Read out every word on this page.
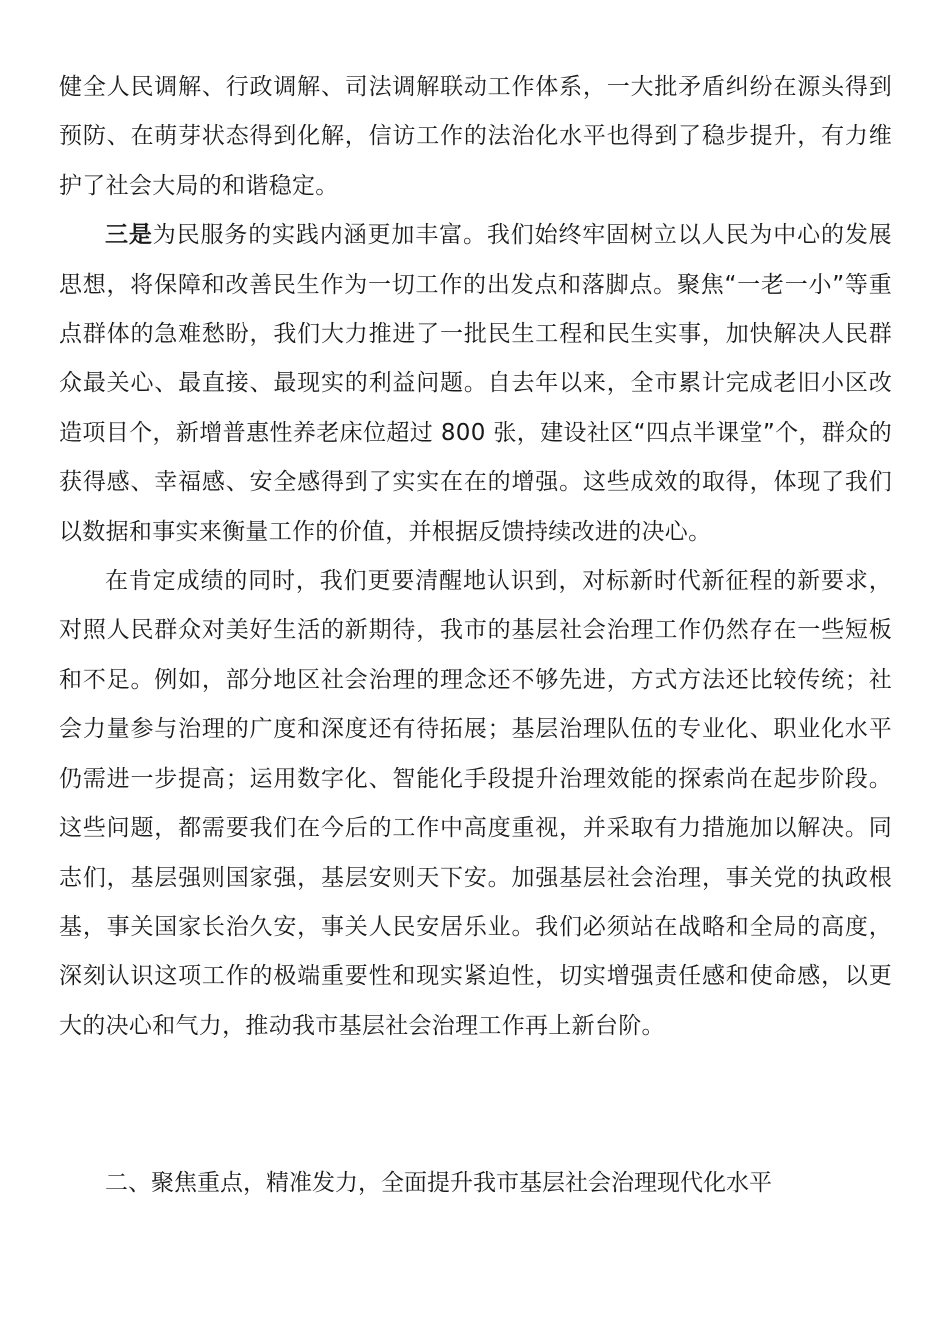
健全人民调解、行政调解、司法调解联动工作体系，一大批矛盾纠纷在源头得到预防、在萌芽状态得到化解，信访工作的法治化水平也得到了稳步提升，有力维护了社会大局的和谐稳定。

三是为民服务的实践内涵更加丰富。我们始终牢固树立以人民为中心的发展思想，将保障和改善民生作为一切工作的出发点和落脚点。聚焦“一老一小”等重点群体的急难愁盼，我们大力推进了一批民生工程和民生实事，加快解决人民群众最关心、最直接、最现实的利益问题。自去年以来，全市累计完成老旧小区改造项目个，新增普惠性养老床位超过 800 张，建设社区“四点半课堂”个，群众的获得感、幸福感、安全感得到了实实在在的增强。这些成效的取得，体现了我们以数据和事实来衡量工作的价值，并根据反馈持续改进的决心。

在肯定成绩的同时，我们更要清醒地认识到，对标新时代新征程的新要求，对照人民群众对美好生活的新期待，我市的基层社会治理工作仍然存在一些短板和不足。例如，部分地区社会治理的理念还不够先进，方式方法还比较传统；社会力量参与治理的广度和深度还有待拓展；基层治理队伍的专业化、职业化水平仍需进一步提高；运用数字化、智能化手段提升治理效能的探索尚在起步阶段。这些问题，都需要我们在今后的工作中高度重视，并采取有力措施加以解决。同志们，基层强则国家强，基层安则天下安。加强基层社会治理，事关党的执政根基，事关国家长治久安，事关人民安居乐业。我们必须站在战略和全局的高度，深刻认识这项工作的极端重要性和现实紧迫性，切实增强责任感和使命感，以更大的决心和气力，推动我市基层社会治理工作再上新台阶。

二、聚焦重点，精准发力，全面提升我市基层社会治理现代化水平
